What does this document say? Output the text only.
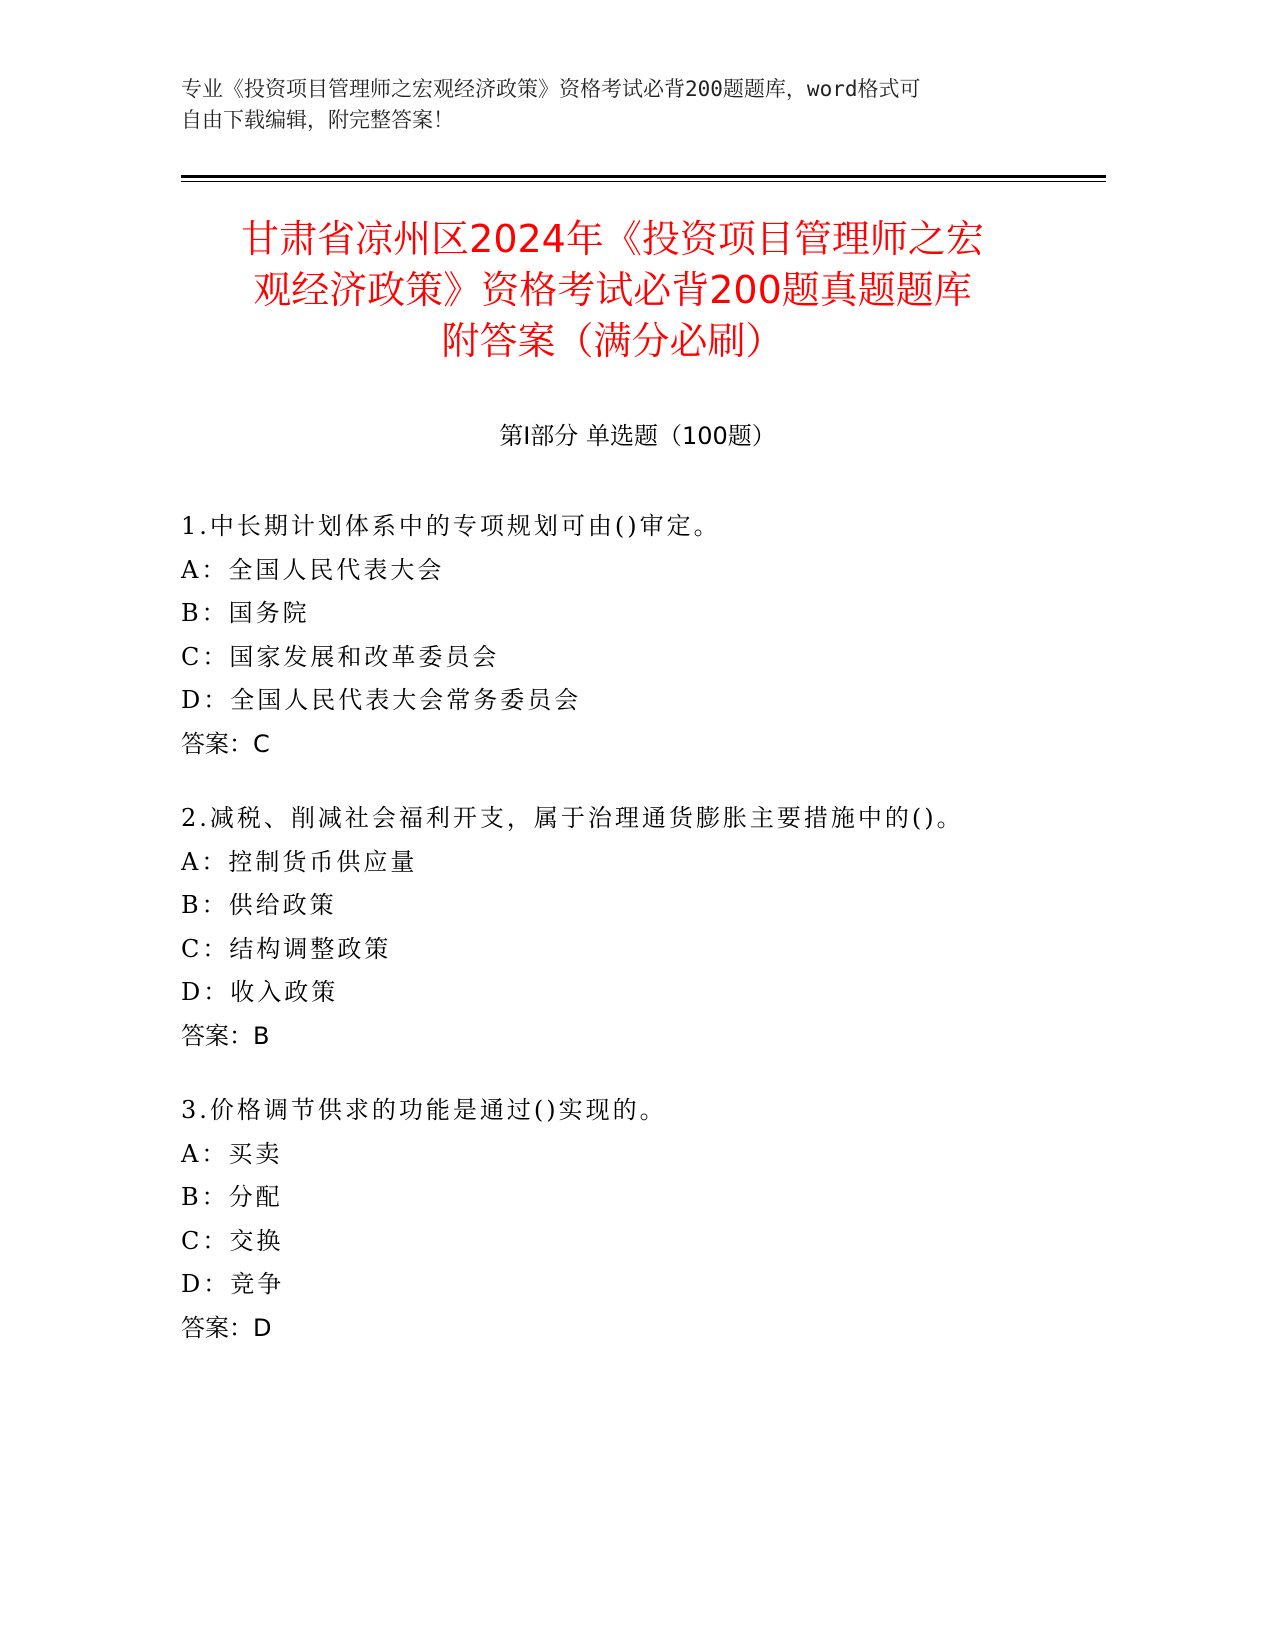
专业《投资项目管理师之宏观经济政策》资格考试必背200题题库，word格式可
自由下载编辑，附完整答案！
甘肃省凉州区2024年《投资项目管理师之宏
观经济政策》资格考试必背200题真题题库
附答案（满分必刷）
第Ⅰ部分 单选题（100题）
1.中长期计划体系中的专项规划可由()审定。
A：全国人民代表大会
B：国务院
C：国家发展和改革委员会
D：全国人民代表大会常务委员会
答案：C
2.减税、削减社会福利开支，属于治理通货膨胀主要措施中的()。
A：控制货币供应量
B：供给政策
C：结构调整政策
D：收入政策
答案：B
3.价格调节供求的功能是通过()实现的。
A：买卖
B：分配
C：交换
D：竞争
答案：D
